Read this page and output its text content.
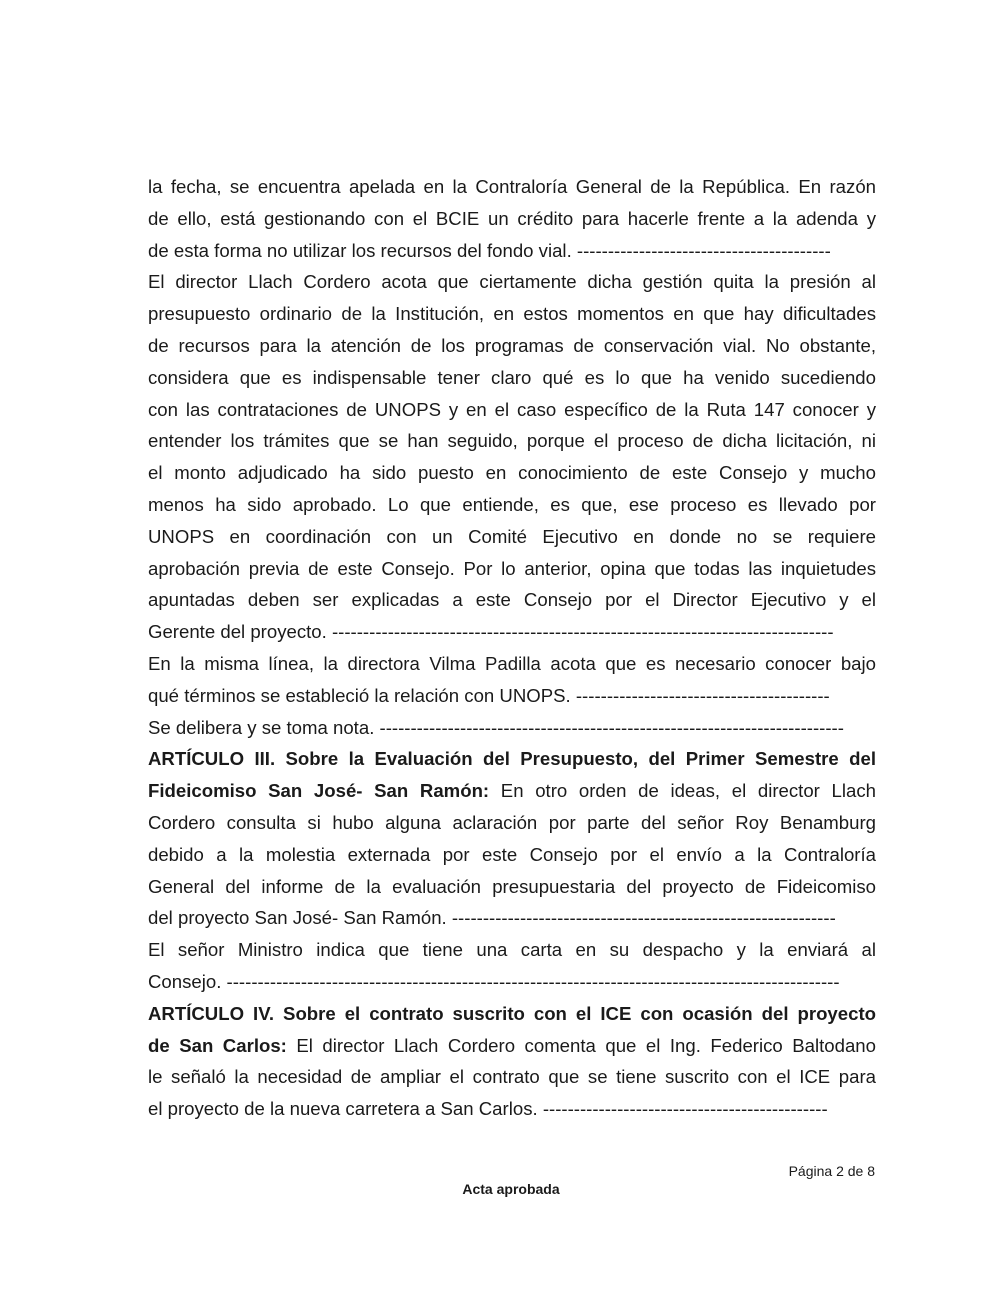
la fecha, se encuentra apelada en la Contraloría General de la República. En razón
de ello, está gestionando con el BCIE un crédito para hacerle frente a la adenda y
de esta forma no utilizar los recursos del fondo vial. -----------------------------------------
El director Llach Cordero acota que ciertamente dicha gestión quita la presión al
presupuesto ordinario de la Institución, en estos momentos en que hay dificultades
de recursos para la atención de los programas de conservación vial. No obstante,
considera que es indispensable tener claro qué es lo que ha venido sucediendo
con las contrataciones de UNOPS y en el caso específico de la Ruta 147 conocer y
entender los trámites que se han seguido, porque el proceso de dicha licitación, ni
el monto adjudicado ha sido puesto en conocimiento de este Consejo y mucho
menos ha sido aprobado. Lo que entiende, es que, ese proceso es llevado por
UNOPS en coordinación con un Comité Ejecutivo en donde no se requiere
aprobación previa de este Consejo. Por lo anterior, opina que todas las inquietudes
apuntadas deben ser explicadas a este Consejo por el Director Ejecutivo y el
Gerente del proyecto. ---------------------------------------------------------------------------------
En la misma línea, la directora Vilma Padilla acota que es necesario conocer bajo
qué términos se estableció la relación con UNOPS. -----------------------------------------
Se delibera y se toma nota. ---------------------------------------------------------------------------
ARTÍCULO III. Sobre la Evaluación del Presupuesto, del Primer Semestre del
Fideicomiso San José- San Ramón: En otro orden de ideas, el director Llach
Cordero consulta si hubo alguna aclaración por parte del señor Roy Benamburg
debido a la molestia externada por este Consejo por el envío a la Contraloría
General del informe de la evaluación presupuestaria del proyecto de Fideicomiso
del proyecto San José- San Ramón. --------------------------------------------------------------
El señor Ministro indica que tiene una carta en su despacho y la enviará al
Consejo. ---------------------------------------------------------------------------------------------------
ARTÍCULO IV. Sobre el contrato suscrito con el ICE con ocasión del proyecto
de San Carlos: El director Llach Cordero comenta que el Ing. Federico Baltodano
le señaló la necesidad de ampliar el contrato que se tiene suscrito con el ICE para
el proyecto de la nueva carretera a San Carlos. ----------------------------------------------
Página 2 de 8
Acta aprobada
